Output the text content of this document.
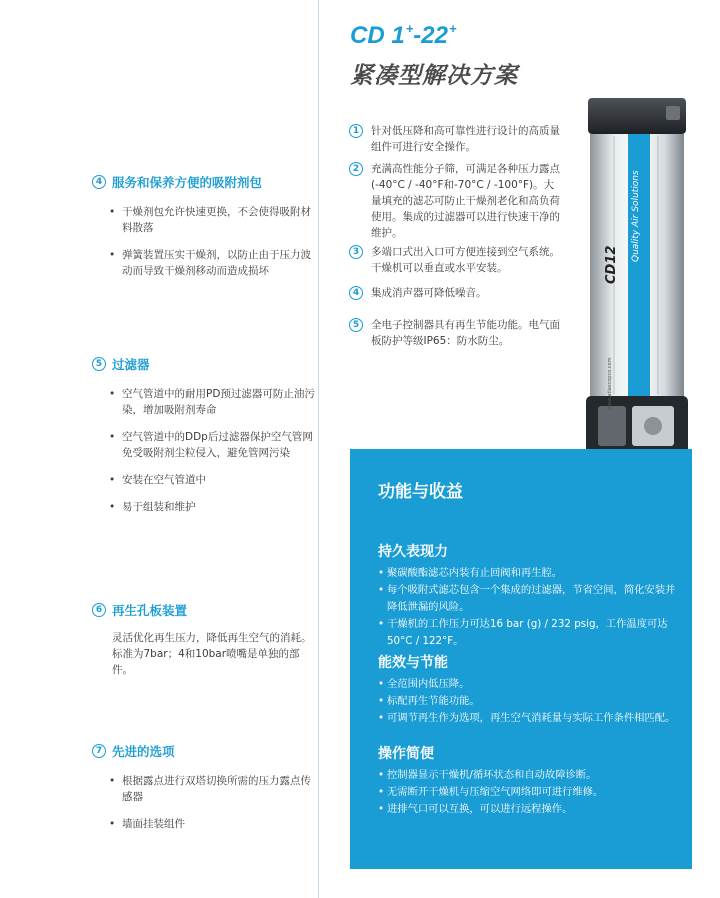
CD 1+-22+
紧凑型解决方案
4 服务和保养方便的吸附剂包
• 干燥剂包允许快速更换，不会使得吸附材料散落
• 弹簧装置压实干燥剂，以防止由于压力波动而导致干燥剂移动而造成损坏
5 过滤器
• 空气管道中的耐用PD预过滤器可防止油污染，增加吸附剂寿命
• 空气管道中的DDp后过滤器保护空气管网免受吸附剂尘粒侵入，避免管网污染
• 安装在空气管道中
• 易于组装和维护
6 再生孔板装置

灵活优化再生压力，降低再生空气的消耗。标准为7bar；4和10bar喷嘴是单独的部件。

7 先进的选项
• 根据露点进行双塔切换所需的压力露点传感器
• 墙面挂装组件
1	针对低压降和高可靠性进行设计的高质量组件可进行安全操作。

2	充满高性能分子筛，可满足各种压力露点 (-40°C / -40°F和-70°C / -100°F)。大量填充的滤芯可防止干燥剂老化和高负荷使用。集成的过滤器可以进行快速干净的维护。

3	多端口式出入口可方便连接到空气系统。干燥机可以垂直或水平安装。

4	集成消声器可降低噪音。

5	全电子控制器具有再生节能功能。电气面板防护等级IP65：防水防尘。

CD12
Quality Air Solutions
www.atlascopco.com
功能与收益
持久表现力
• 聚碳酸酯滤芯内装有止回阀和再生腔。
• 每个吸附式滤芯包含一个集成的过滤器，节省空间，简化安装并降低泄漏的风险。
• 干燥机的工作压力可达16 bar (g) / 232 psig，工作温度可达50°C / 122°F。
能效与节能
• 全范围内低压降。
• 标配再生节能功能。
• 可调节再生作为选项，再生空气消耗量与实际工作条件相匹配。
操作简便
• 控制器显示干燥机/循环状态和自动故障诊断。
• 无需断开干燥机与压缩空气网络即可进行维修。
• 进排气口可以互换，可以进行远程操作。
